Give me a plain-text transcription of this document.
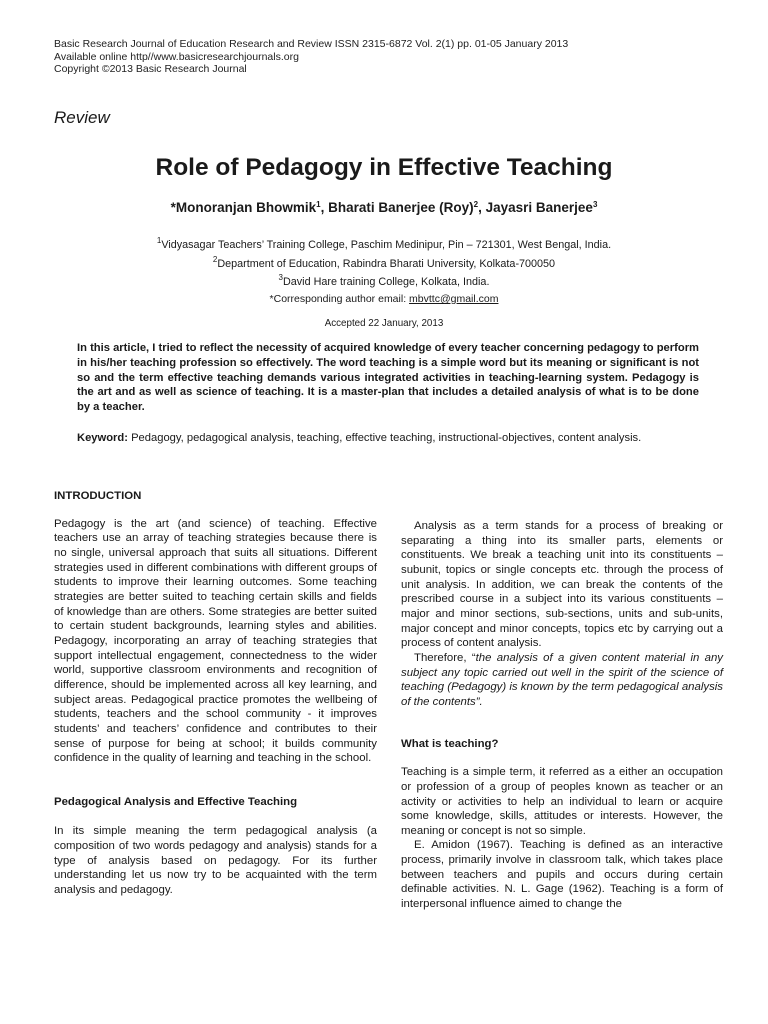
Basic Research Journal of Education Research and Review ISSN 2315-6872 Vol. 2(1) pp. 01-05 January 2013
Available online http//www.basicresearchjournals.org
Copyright ©2013 Basic Research Journal
Review
Role of Pedagogy in Effective Teaching
*Monoranjan Bhowmik$^1$, Bharati Banerjee (Roy)$^2$, Jayasri Banerjee$^3$
$^1$Vidyasagar Teachers’ Training College, Paschim Medinipur, Pin – 721301, West Bengal, India.
$^2$Department of Education, Rabindra Bharati University, Kolkata-700050
$^3$David Hare training College, Kolkata, India.
*Corresponding author email: mbvttc@gmail.com
Accepted 22 January, 2013
In this article, I tried to reflect the necessity of acquired knowledge of every teacher concerning pedagogy to perform in his/her teaching profession so effectively. The word teaching is a simple word but its meaning or significant is not so and the term effective teaching demands various integrated activities in teaching-learning system. Pedagogy is the art and as well as science of teaching. It is a master-plan that includes a detailed analysis of what is to be done by a teacher.
Keyword: Pedagogy, pedagogical analysis, teaching, effective teaching, instructional-objectives, content analysis.

INTRODUCTION

Pedagogy is the art (and science) of teaching. Effective teachers use an array of teaching strategies because there is no single, universal approach that suits all situations. Different strategies used in different combinations with different groups of students to improve their learning outcomes. Some teaching strategies are better suited to teaching certain skills and fields of knowledge than are others. Some strategies are better suited to certain student backgrounds, learning styles and abilities. Pedagogy, incorporating an array of teaching strategies that support intellectual engagement, connectedness to the wider world, supportive classroom environments and recognition of difference, should be implemented across all key learning, and subject areas. Pedagogical practice promotes the wellbeing of students, teachers and the school community - it improves students’ and teachers’ confidence and contributes to their sense of purpose for being at school; it builds community confidence in the quality of learning and teaching in the school.

Pedagogical Analysis and Effective Teaching

In its simple meaning the term pedagogical analysis (a composition of two words pedagogy and analysis) stands for a type of analysis based on pedagogy. For its further understanding let us now try to be acquainted with the term analysis and pedagogy.

Analysis as a term stands for a process of breaking or separating a thing into its smaller parts, elements or constituents. We break a teaching unit into its constituents –subunit, topics or single concepts etc. through the process of unit analysis. In addition, we can break the contents of the prescribed course in a subject into its various constituents – major and minor sections, sub-sections, units and sub-units, major concept and minor concepts, topics etc by carrying out a process of content analysis.

Therefore, “the analysis of a given content material in any subject any topic carried out well in the spirit of the science of teaching (Pedagogy) is known by the term pedagogical analysis of the contents”.

What is teaching?

Teaching is a simple term, it referred as a either an occupation or profession of a group of peoples known as teacher or an activity or activities to help an individual to learn or acquire some knowledge, skills, attitudes or interests. However, the meaning or concept is not so simple.

E. Amidon (1967). Teaching is defined as an interactive process, primarily involve in classroom talk, which takes place between teachers and pupils and occurs during certain definable activities. N. L. Gage (1962). Teaching is a form of interpersonal influence aimed to change the
